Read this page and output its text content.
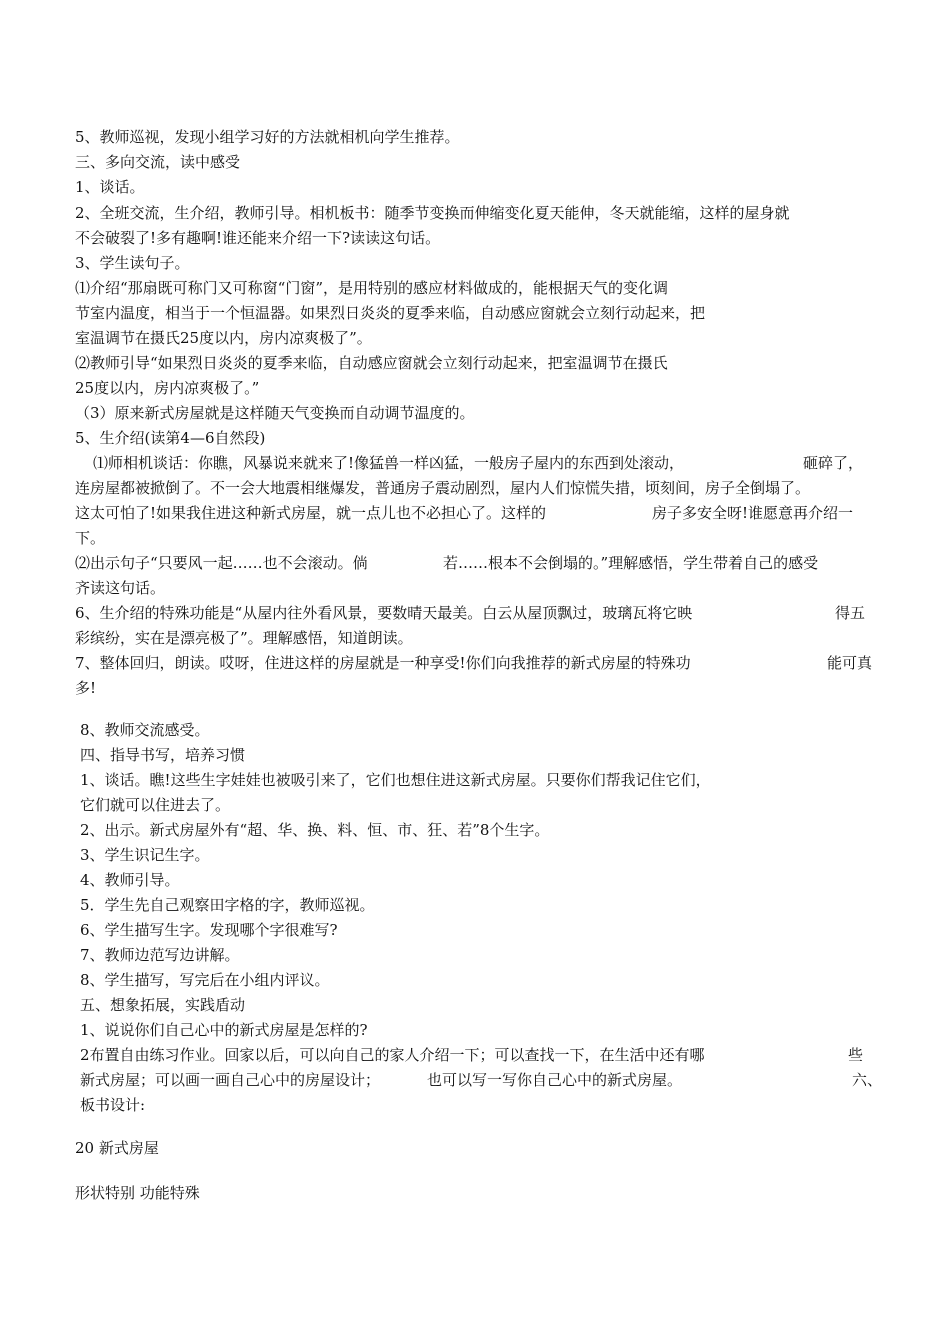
5、教师巡视，发现小组学习好的方法就相机向学生推荐。
三、多向交流，读中感受
1、谈话。
2、全班交流，生介绍，教师引导。相机板书：随季节变换而伸缩变化夏天能伸，冬天就能缩，这样的屋身就
不会破裂了!多有趣啊!谁还能来介绍一下?读读这句话。
3、学生读句子。
⑴介绍“那扇既可称门又可称窗“门窗”，是用特别的感应材料做成的，能根据天气的变化调
节室内温度，相当于一个恒温器。如果烈日炎炎的夏季来临，自动感应窗就会立刻行动起来，把
室温调节在摄氏25度以内，房内凉爽极了”。
⑵教师引导“如果烈日炎炎的夏季来临，自动感应窗就会立刻行动起来，把室温调节在摄氏
25度以内，房内凉爽极了。”
（3）原来新式房屋就是这样随天气变换而自动调节温度的。
5、生介绍(读第4—6自然段)
⑴师相机谈话：你瞧，风暴说来就来了!像猛兽一样凶猛，一般房子屋内的东西到处滚动，	砸碎了，
连房屋都被掀倒了。不一会大地震相继爆发，普通房子震动剧烈，屋内人们惊慌失措，顷刻间，房子全倒塌了。
这太可怕了!如果我住进这种新式房屋，就一点儿也不必担心了。这样的	房子多安全呀!谁愿意再介绍一
下。
⑵出示句子“只要风一起……也不会滚动。倘	若……根本不会倒塌的。”理解感悟，学生带着自己的感受
齐读这句话。
6、生介绍的特殊功能是“从屋内往外看风景，要数晴天最美。白云从屋顶飘过，玻璃瓦将它映	得五
彩缤纷，实在是漂亮极了”。理解感悟，知道朗读。
7、整体回归，朗读。哎呀，住进这样的房屋就是一种享受!你们向我推荐的新式房屋的特殊功	能可真
多!
8、教师交流感受。
四、指导书写，培养习惯
1、谈话。瞧!这些生字娃娃也被吸引来了，它们也想住进这新式房屋。只要你们帮我记住它们，
它们就可以住进去了。
2、出示。新式房屋外有“超、华、换、料、恒、市、狂、若”8个生字。
3、学生识记生字。
4、教师引导。
5．学生先自己观察田字格的字，教师巡视。
6、学生描写生字。发现哪个字很难写?
7、教师边范写边讲解。
8、学生描写，写完后在小组内评议。
五、想象拓展，实践盾动
1、说说你们自己心中的新式房屋是怎样的?
2布置自由练习作业。回家以后，可以向自己的家人介绍一下；可以查找一下，在生活中还有哪	些
新式房屋；可以画一画自己心中的房屋设计；	也可以写一写你自己心中的新式房屋。	六、
板书设计:
20 新式房屋
形状特别 功能特殊
